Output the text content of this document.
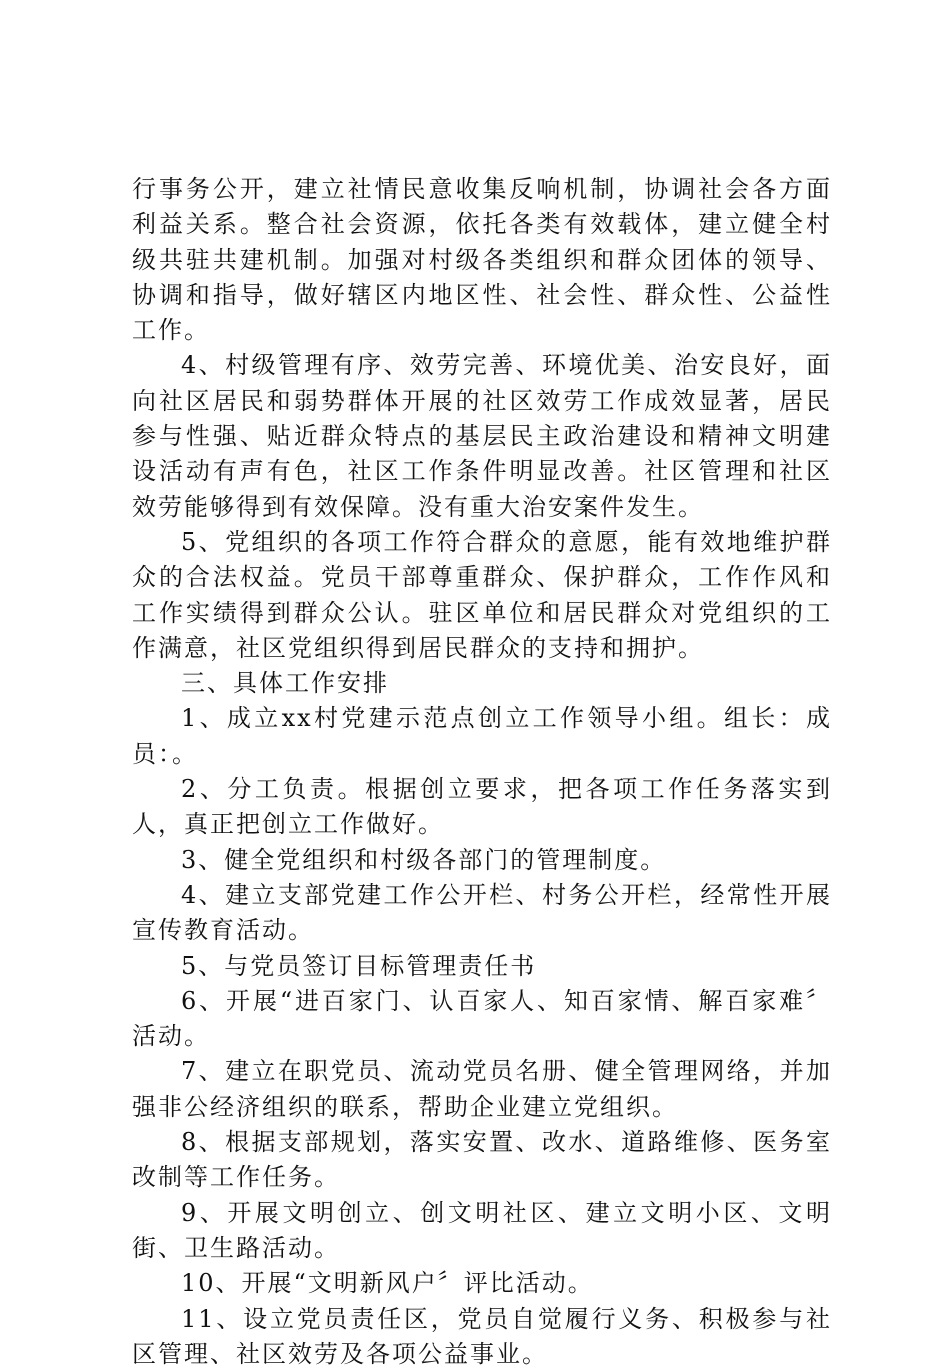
行事务公开，建立社情民意收集反响机制，协调社会各方面利益关系。整合社会资源，依托各类有效载体，建立健全村级共驻共建机制。加强对村级各类组织和群众团体的领导、协调和指导，做好辖区内地区性、社会性、群众性、公益性工作。

4、村级管理有序、效劳完善、环境优美、治安良好，面向社区居民和弱势群体开展的社区效劳工作成效显著，居民参与性强、贴近群众特点的基层民主政治建设和精神文明建设活动有声有色，社区工作条件明显改善。社区管理和社区效劳能够得到有效保障。没有重大治安案件发生。

5、党组织的各项工作符合群众的意愿，能有效地维护群众的合法权益。党员干部尊重群众、保护群众，工作作风和工作实绩得到群众公认。驻区单位和居民群众对党组织的工作满意，社区党组织得到居民群众的支持和拥护。

三、具体工作安排

1、成立xx村党建示范点创立工作领导小组。组长：成员：。

2、分工负责。根据创立要求，把各项工作任务落实到人，真正把创立工作做好。

3、健全党组织和村级各部门的管理制度。

4、建立支部党建工作公开栏、村务公开栏，经常性开展宣传教育活动。

5、与党员签订目标管理责任书

6、开展“进百家门、认百家人、知百家情、解百家难〞活动。

7、建立在职党员、流动党员名册、健全管理网络，并加强非公经济组织的联系，帮助企业建立党组织。

8、根据支部规划，落实安置、改水、道路维修、医务室改制等工作任务。

9、开展文明创立、创文明社区、建立文明小区、文明街、卫生路活动。

10、开展“文明新风户〞评比活动。

11、设立党员责任区，党员自觉履行义务、积极参与社区管理、社区效劳及各项公益事业。
